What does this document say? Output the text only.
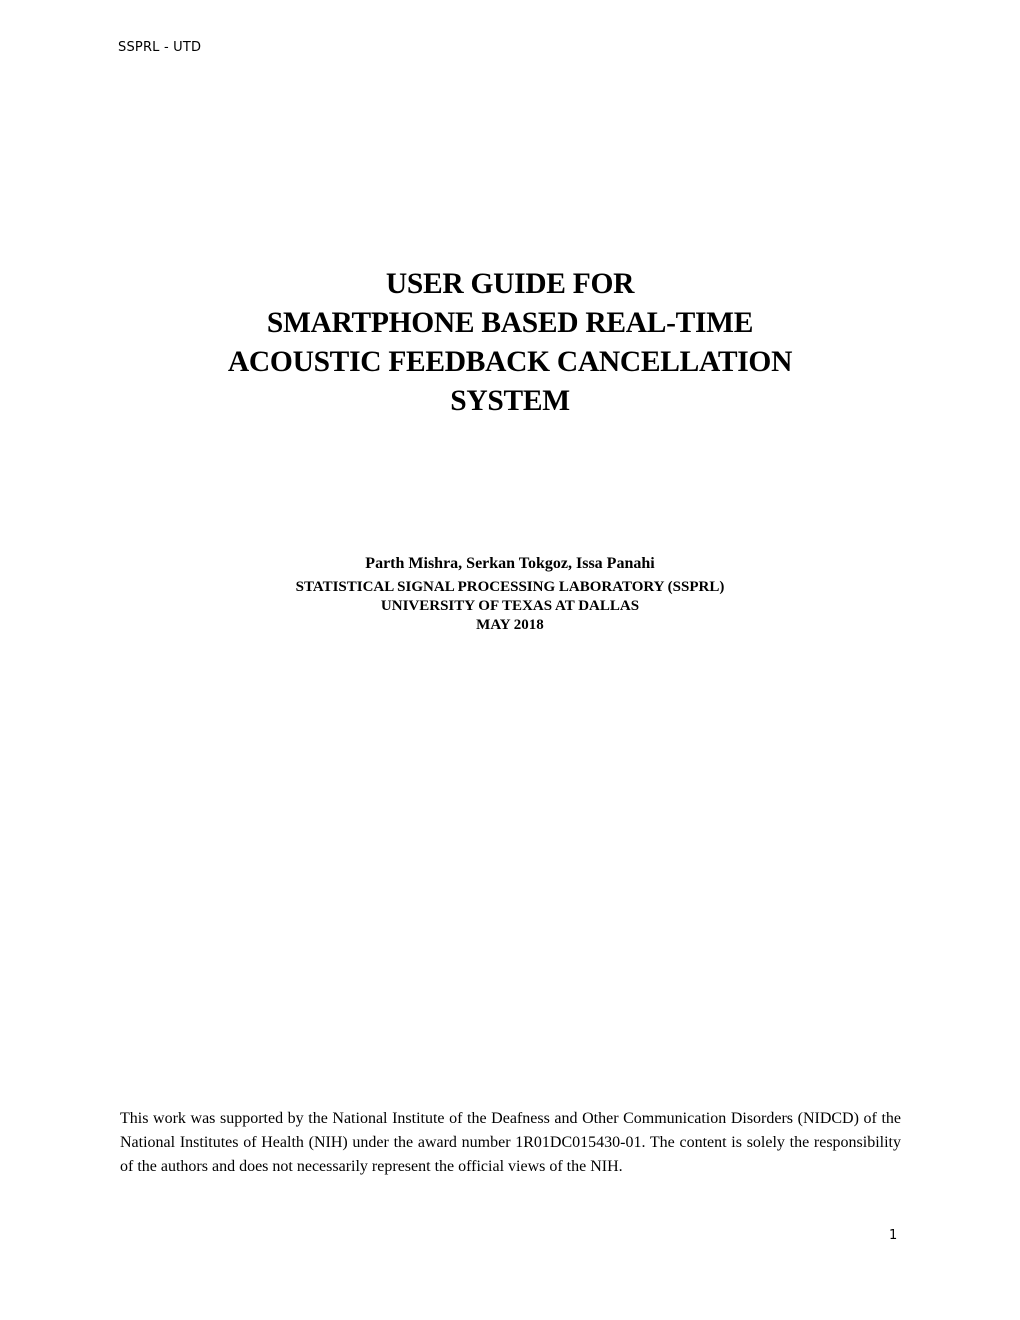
SSPRL - UTD
USER GUIDE FOR
SMARTPHONE BASED REAL-TIME
ACOUSTIC FEEDBACK CANCELLATION
SYSTEM
Parth Mishra, Serkan Tokgoz, Issa Panahi
STATISTICAL SIGNAL PROCESSING LABORATORY (SSPRL)
UNIVERSITY OF TEXAS AT DALLAS
MAY 2018
This work was supported by the National Institute of the Deafness and Other Communication Disorders (NIDCD) of the National Institutes of Health (NIH) under the award number 1R01DC015430-01. The content is solely the responsibility of the authors and does not necessarily represent the official views of the NIH.
1
